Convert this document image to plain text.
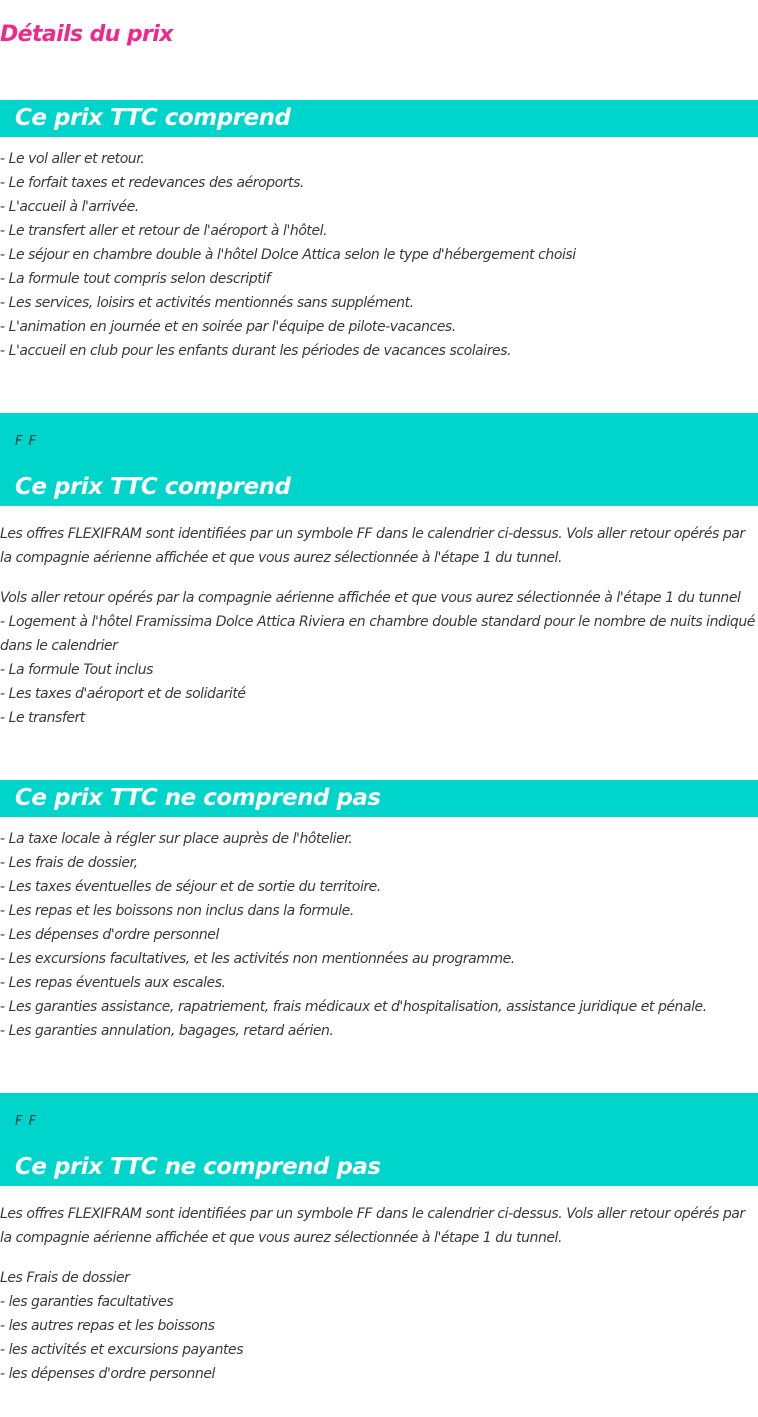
Détails du prix
Ce prix TTC comprend
- Le vol aller et retour.
- Le forfait taxes et redevances des aéroports.
- L'accueil à l'arrivée.
- Le transfert aller et retour de l'aéroport à l'hôtel.
- Le séjour en chambre double à l'hôtel Dolce Attica selon le type d'hébergement choisi
- La formule tout compris selon descriptif
- Les services, loisirs et activités mentionnés sans supplément.
- L'animation en journée et en soirée par l'équipe de pilote-vacances.
- L'accueil en club pour les enfants durant les périodes de vacances scolaires.
F F
Ce prix TTC comprend

Les offres FLEXIFRAM sont identifiées par un symbole FF dans le calendrier ci-dessus. Vols aller retour opérés par la compagnie aérienne affichée et que vous aurez sélectionnée à l'étape 1 du tunnel.

Vols aller retour opérés par la compagnie aérienne affichée et que vous aurez sélectionnée à l'étape 1 du tunnel
- Logement à l'hôtel Framissima Dolce Attica Riviera en chambre double standard pour le nombre de nuits indiqué dans le calendrier
- La formule Tout inclus
- Les taxes d'aéroport et de solidarité
- Le transfert
Ce prix TTC ne comprend pas
- La taxe locale à régler sur place auprès de l'hôtelier.
- Les frais de dossier,
- Les taxes éventuelles de séjour et de sortie du territoire.
- Les repas et les boissons non inclus dans la formule.
- Les dépenses d'ordre personnel
- Les excursions facultatives, et les activités non mentionnées au programme.
- Les repas éventuels aux escales.
- Les garanties assistance, rapatriement, frais médicaux et d'hospitalisation, assistance juridique et pénale.
- Les garanties annulation, bagages, retard aérien.
F F
Ce prix TTC ne comprend pas

Les offres FLEXIFRAM sont identifiées par un symbole FF dans le calendrier ci-dessus. Vols aller retour opérés par la compagnie aérienne affichée et que vous aurez sélectionnée à l'étape 1 du tunnel.

Les Frais de dossier
- les garanties facultatives
- les autres repas et les boissons
- les activités et excursions payantes
- les dépenses d'ordre personnel
